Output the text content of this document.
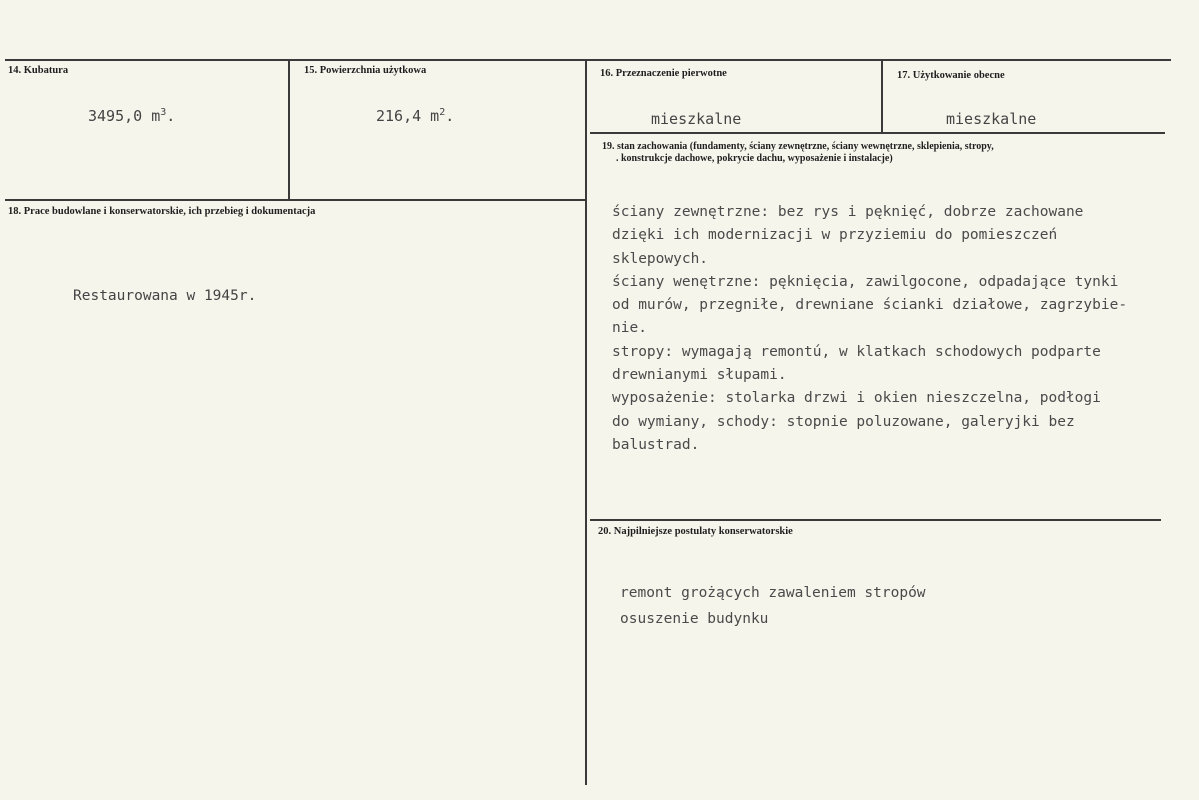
14. Kubatura
3495,0 $m^3$.
15. Powierzchnia użytkowa
216,4 $m^2$.
16. Przeznaczenie pierwotne
mieszkalne
17. Użytkowanie obecne
mieszkalne
18. Prace budowlane i konserwatorskie, ich przebieg i dokumentacja
Restaurowana w 1945r.
19. stan zachowania (fundamenty, ściany zewnętrzne, ściany wewnętrzne, sklepienia, stropy,
. konstrukcje dachowe, pokrycie dachu, wyposażenie i instalacje)
ściany zewnętrzne: bez rys i pęknięć, dobrze zachowane
dzięki ich modernizacji w przyziemiu do pomieszczeń
sklepowych.
ściany wenętrzne: pęknięcia, zawilgocone, odpadające tynki
od murów, przegniłe, drewniane ścianki działowe, zagrzybie-
nie.
stropy: wymagają remontú, w klatkach schodowych podparte
drewnianymi słupami.
wyposażenie: stolarka drzwi i okien nieszczelna, podłogi
do wymiany, schody: stopnie poluzowane, galeryjki bez
balustrad.
20. Najpilniejsze postulaty konserwatorskie
remont grożących zawaleniem stropów
osuszenie budynku
